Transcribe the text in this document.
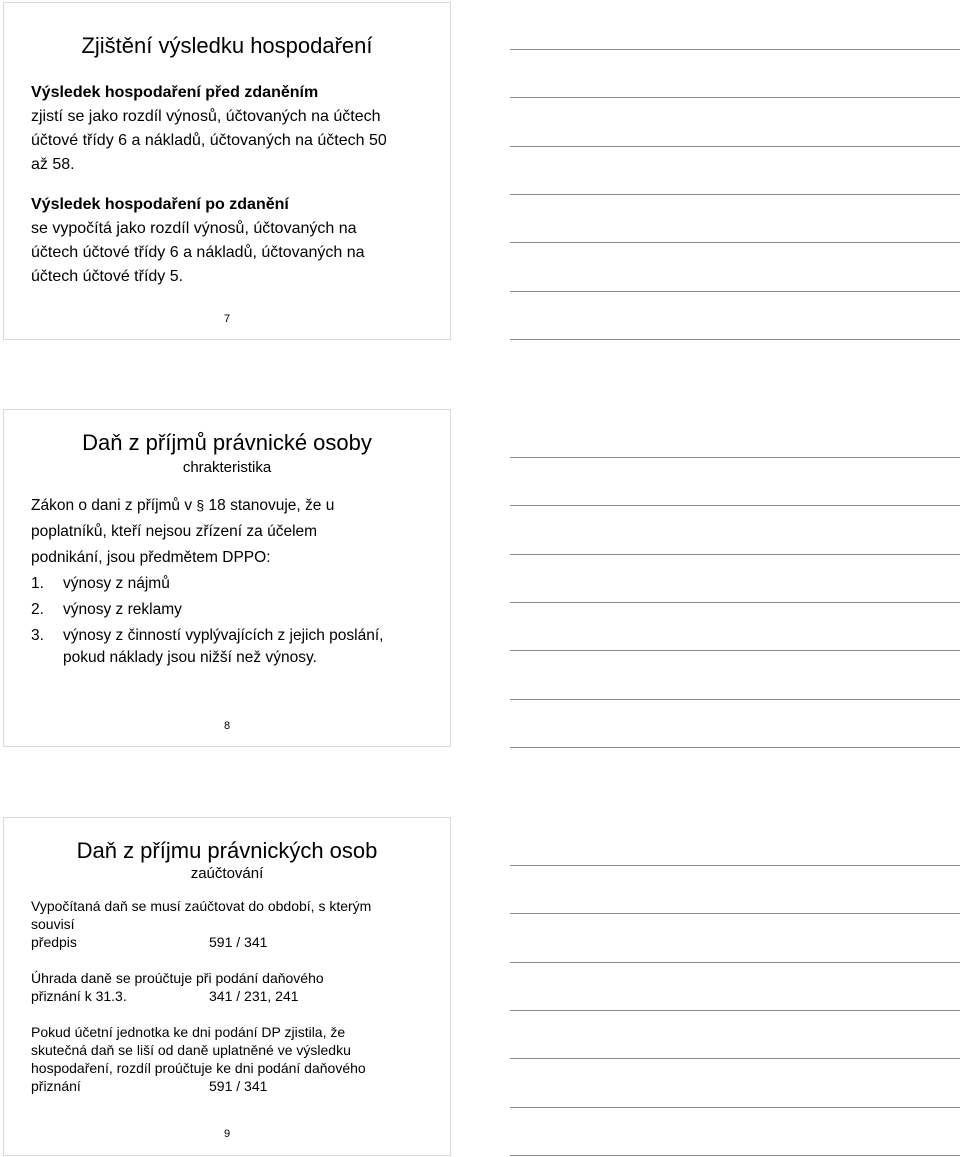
Zjištění výsledku hospodaření

Výsledek hospodaření před zdaněním

zjistí se jako rozdíl výnosů, účtovaných na účtech

účtové třídy 6 a nákladů, účtovaných na účtech 50

až 58.

Výsledek hospodaření po zdanění

se vypočítá jako rozdíl výnosů, účtovaných na

účtech účtové třídy 6 a nákladů, účtovaných na

účtech účtové třídy 5.

7
Daň z příjmů právnické osoby
chrakteristika

Zákon o dani z příjmů v § 18 stanovuje, že u

poplatníků, kteří nejsou zřízení za účelem

podnikání, jsou předmětem DPPO:

1.	výnosy z nájmů
2.	výnosy z reklamy
3.	výnosy z činností vyplývajících z jejich poslání,
pokud náklady jsou nižší než výnosy.
8
Daň z příjmu právnických osob
zaúčtování

Vypočítaná daň se musí zaúčtovat do období, s kterým

souvisí

předpis	591 / 341

Úhrada daně se proúčtuje při podání daňového

přiznání k 31.3.	341 / 231, 241

Pokud účetní jednotka ke dni podání DP zjistila, že

skutečná daň se liší od daně uplatněné ve výsledku

hospodaření, rozdíl proúčtuje ke dni podání daňového

přiznání	591 / 341
9
